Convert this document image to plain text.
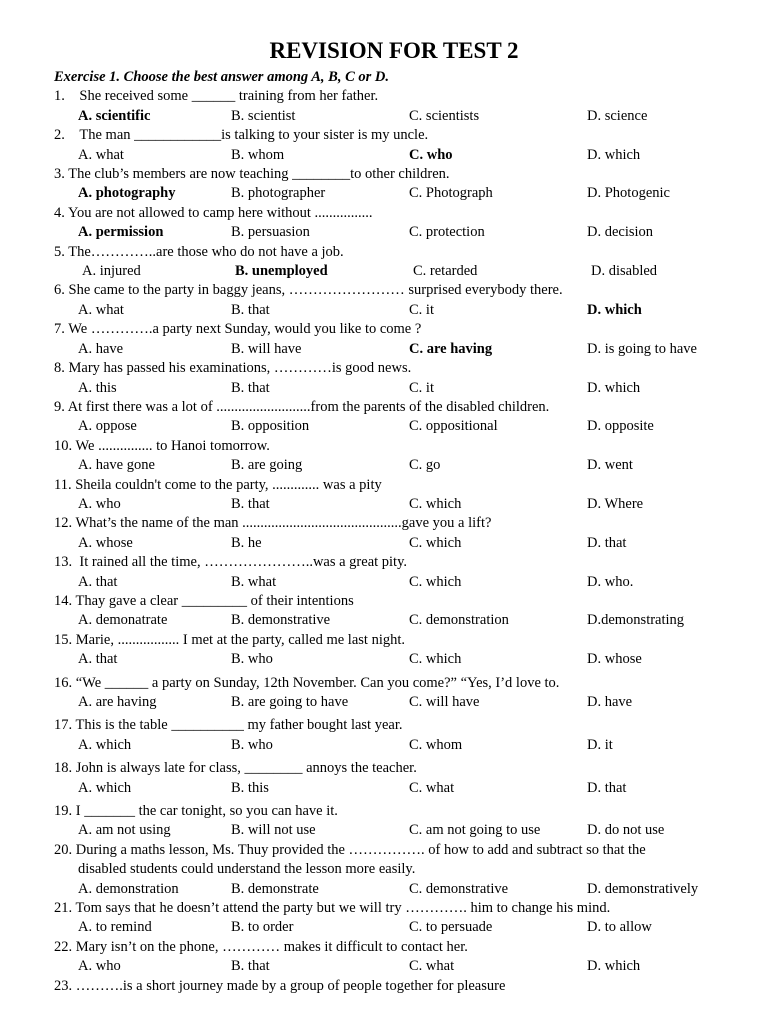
REVISION FOR TEST 2
Exercise 1. Choose the best answer among A, B, C or D.
1.    She received some ______ training from her father.
A. scientific	B. scientist	C. scientists	D. science
2.    The man ____________is talking to your sister is my uncle.
A. what	B. whom	C. who	D. which
3. The club’s members are now teaching ________to other children.
A. photography	B. photographer	C. Photograph	D. Photogenic
4. You are not allowed to camp here without ................
A. permission	B. persuasion	C. protection	D. decision
5. The…………..are those who do not have a job.
A. injured	B. unemployed	C. retarded	D. disabled
6. She came to the party in baggy jeans, …………………… surprised everybody there.
A. what	B. that	C. it	D. which
7. We ………….a party next Sunday, would you like to come ?
A. have	B. will have	C. are having	D. is going to have
8. Mary has passed his examinations, …………is good news.
A. this	B. that	C. it	D. which
9. At first there was a lot of ..........................from the parents of the disabled children.
A. oppose	B. opposition	C. oppositional	D. opposite
10. We ............... to Hanoi tomorrow.
A. have gone	B. are going	C. go	D. went
11. Sheila couldn't come to the party, ............. was a pity
A. who	B. that	C. which	D. Where
12. What’s the name of the man ............................................gave you a lift?
A. whose	B. he	C. which	D. that
13.  It rained all the time, …………………..was a great pity.
A. that	B. what	C. which	D. who.
14. Thay gave a clear _________ of their intentions
A. demonatrate	B. demonstrative	C. demonstration	D.demonstrating
15. Marie, ................. I met at the party, called me last night.
A. that	B. who	C. which	D. whose
16. “We ______ a party on Sunday, 12th November. Can you come?” “Yes, I’d love to.
A. are having	B. are going to have	C. will have	D. have
17. This is the table __________ my father bought last year.
A. which	B. who	C. whom	D. it
18. John is always late for class, ________ annoys the teacher.
A. which	B. this	C. what	D. that
19. I _______ the car tonight, so you can have it.
A. am not using	B. will not use	C. am not going to use	D. do not use
20. During a maths lesson, Ms. Thuy provided the ……………. of how to add and subtract so that the
disabled students could understand the lesson more easily.
A. demonstration	B. demonstrate	C. demonstrative	D. demonstratively
21. Tom says that he doesn’t attend the party but we will try …………. him to change his mind.
A. to remind	B. to order	C. to persuade	D. to allow
22. Mary isn’t on the phone, ………… makes it difficult to contact her.
A. who	B. that	C. what	D. which
23. ……….is a short journey made by a group of people together for pleasure
